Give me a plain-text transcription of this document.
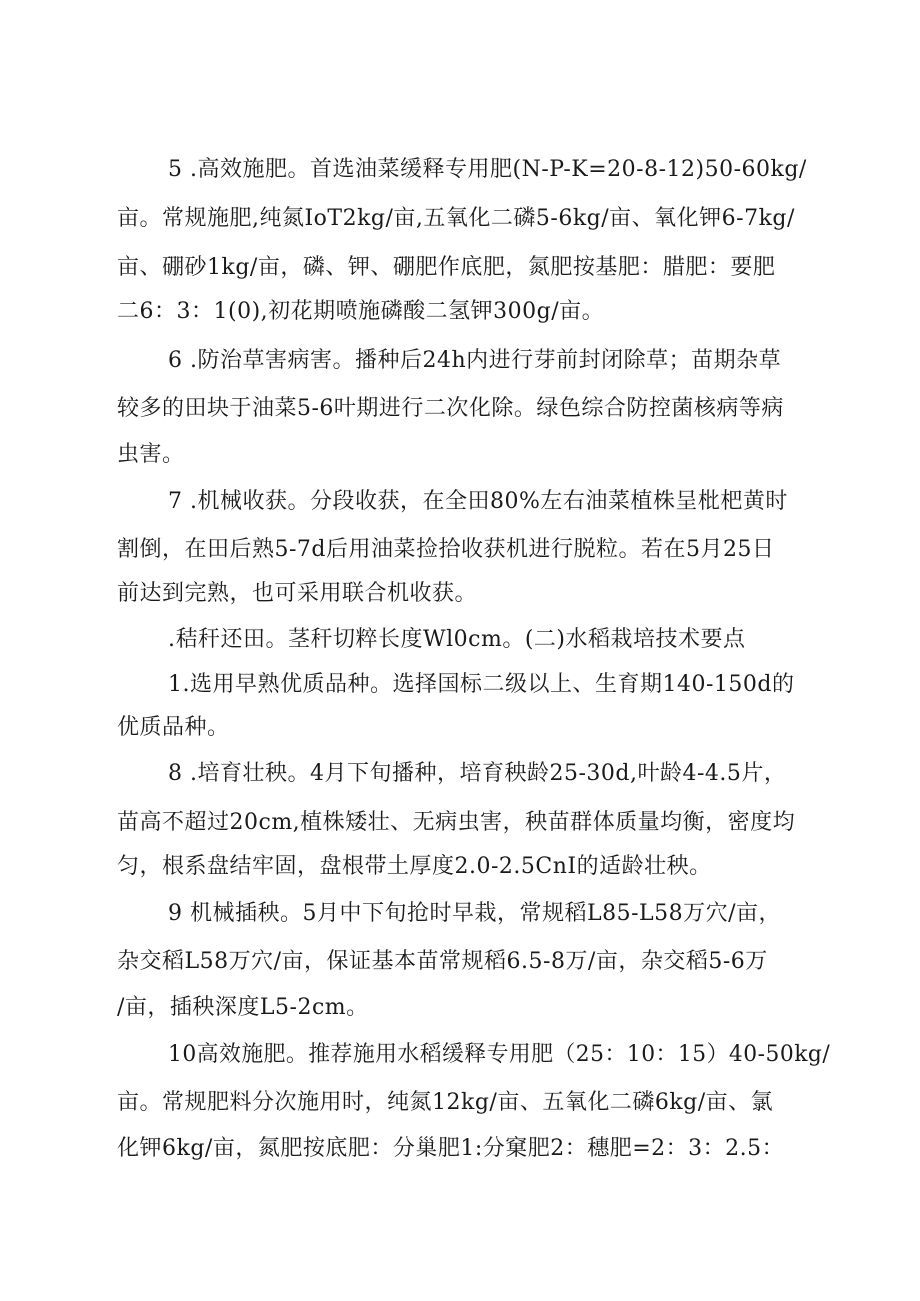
5 .高效施肥。首选油菜缓释专用肥(N-P-K=20-8-12)50-60kg/
亩。常规施肥,纯氮IoT2kg/亩,五氧化二磷5-6kg/亩、氧化钾6-7kg/
亩、硼砂1kg/亩，磷、钾、硼肥作底肥，氮肥按基肥：腊肥：要肥
二6：3：1(0),初花期喷施磷酸二氢钾300g/亩。
6 .防治草害病害。播种后24h内进行芽前封闭除草；苗期杂草
较多的田块于油菜5-6叶期进行二次化除。绿色综合防控菌核病等病
虫害。
7 .机械收获。分段收获，在全田80%左右油菜植株呈枇杷黄时
割倒，在田后熟5-7d后用油菜捡拾收获机进行脱粒。若在5月25日
前达到完熟，也可采用联合机收获。
.秸秆还田。茎秆切粹长度Wl0cm。(二)水稻栽培技术要点
1.选用早熟优质品种。选择国标二级以上、生育期140-150d的
优质品种。
8 .培育壮秧。4月下旬播种，培育秧龄25-30d,叶龄4-4.5片，
苗高不超过20cm,植株矮壮、无病虫害，秧苗群体质量均衡，密度均
匀，根系盘结牢固，盘根带土厚度2.0-2.5CnI的适龄壮秧。
9 机械插秧。5月中下旬抢时早栽，常规稻L85-L58万穴/亩，
杂交稻L58万穴/亩，保证基本苗常规稻6.5-8万/亩，杂交稻5-6万
/亩，插秧深度L5-2cm。
10高效施肥。推荐施用水稻缓释专用肥（25：10：15）40-50kg/
亩。常规肥料分次施用时，纯氮12kg/亩、五氧化二磷6kg/亩、氯
化钾6kg/亩，氮肥按底肥：分巢肥1:分窠肥2：穗肥=2：3：2.5：
